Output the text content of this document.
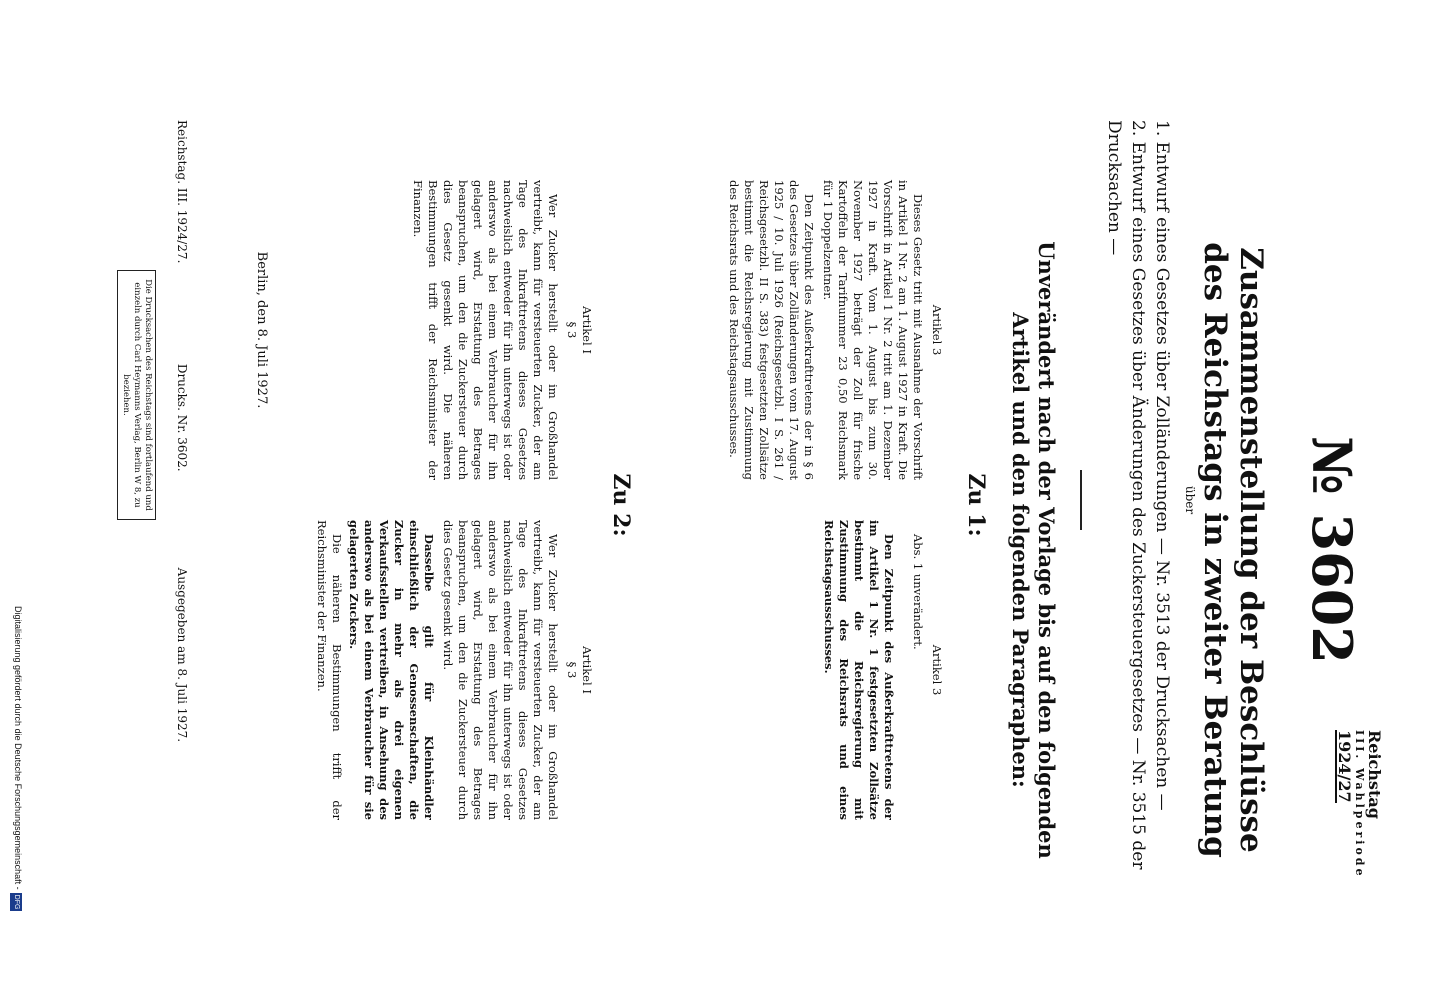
Reichstag
III. Wahlperiode
1924/27
№ 3602
Zusammenstellung der Beschlüsse des Reichstags in zweiter Beratung
über
1. Entwurf eines Gesetzes über Zolländerungen — Nr. 3513 der Drucksachen —
2. Entwurf eines Gesetzes über Änderungen des Zuckersteuergesetzes — Nr. 3515 der Drucksachen —
Unverändert nach der Vorlage bis auf den folgenden Artikel und den folgenden Paragraphen:
Zu 1:
Artikel 3

Dieses Gesetz tritt mit Ausnahme der Vorschrift in Artikel 1 Nr. 2 am 1. August 1927 in Kraft. Die Vorschrift in Artikel 1 Nr. 2 tritt am 1. Dezember 1927 in Kraft. Vom 1. August bis zum 30. November 1927 beträgt der Zoll für frische Kartoffeln der Tarifnummer 23 0,50 Reichsmark für 1 Doppelzentner.

Den Zeitpunkt des Außerkrafttretens der in § 6 des Gesetzes über Zolländerungen vom 17. August 1925 / 10. Juli 1926 (Reichsgesetzbl. I S. 261 / Reichsgesetzbl. II S. 383) festgesetzten Zollsätze bestimmt die Reichsregierung mit Zustimmung des Reichsrats und des Reichstagsausschusses.

Artikel 3

Abs. 1 unverändert.

Den Zeitpunkt des Außerkrafttretens der im Artikel 1 Nr. 1 festgesetzten Zollsätze bestimmt die Reichsregierung mit Zustimmung des Reichsrats und eines Reichstagsausschusses.

Zu 2:
Artikel I
§ 3

Wer Zucker herstellt oder im Großhandel vertreibt, kann für versteuerten Zucker, der am Tage des Inkrafttretens dieses Gesetzes nachweislich entweder für ihn unterwegs ist oder anderswo als bei einem Verbraucher für ihn gelagert wird, Erstattung des Betrages beanspruchen, um den die Zuckersteuer durch dies Gesetz gesenkt wird. Die näheren Bestimmungen trifft der Reichsminister der Finanzen.

Artikel I
§ 3

Wer Zucker herstellt oder im Großhandel vertreibt, kann für versteuerten Zucker, der am Tage des Inkrafttretens dieses Gesetzes nachweislich entweder für ihn unterwegs ist oder anderswo als bei einem Verbraucher für ihn gelagert wird, Erstattung des Betrages beanspruchen, um den die Zuckersteuer durch dies Gesetz gesenkt wird.

Dasselbe gilt für Kleinhändler einschließlich der Genossenschaften, die Zucker in mehr als drei eigenen Verkaufsstellen vertreiben, in Ansehung des anderswo als bei einem Verbraucher für sie gelagerten Zuckers.

Die näheren Bestimmungen trifft der Reichsminister der Finanzen.

Berlin, den 8. Juli 1927.
Die Drucksachen des Reichstags sind fortlaufend und einzeln durch Carl Heymanns Verlag, Berlin W 8, zu beziehen.
Reichstag. III. 1924/27. Drucks. Nr. 3602. Ausgegeben am 8. Juli 1927.
Digitalisierung gefördert durch die Deutsche Forschungsgemeinschaft -DFG
